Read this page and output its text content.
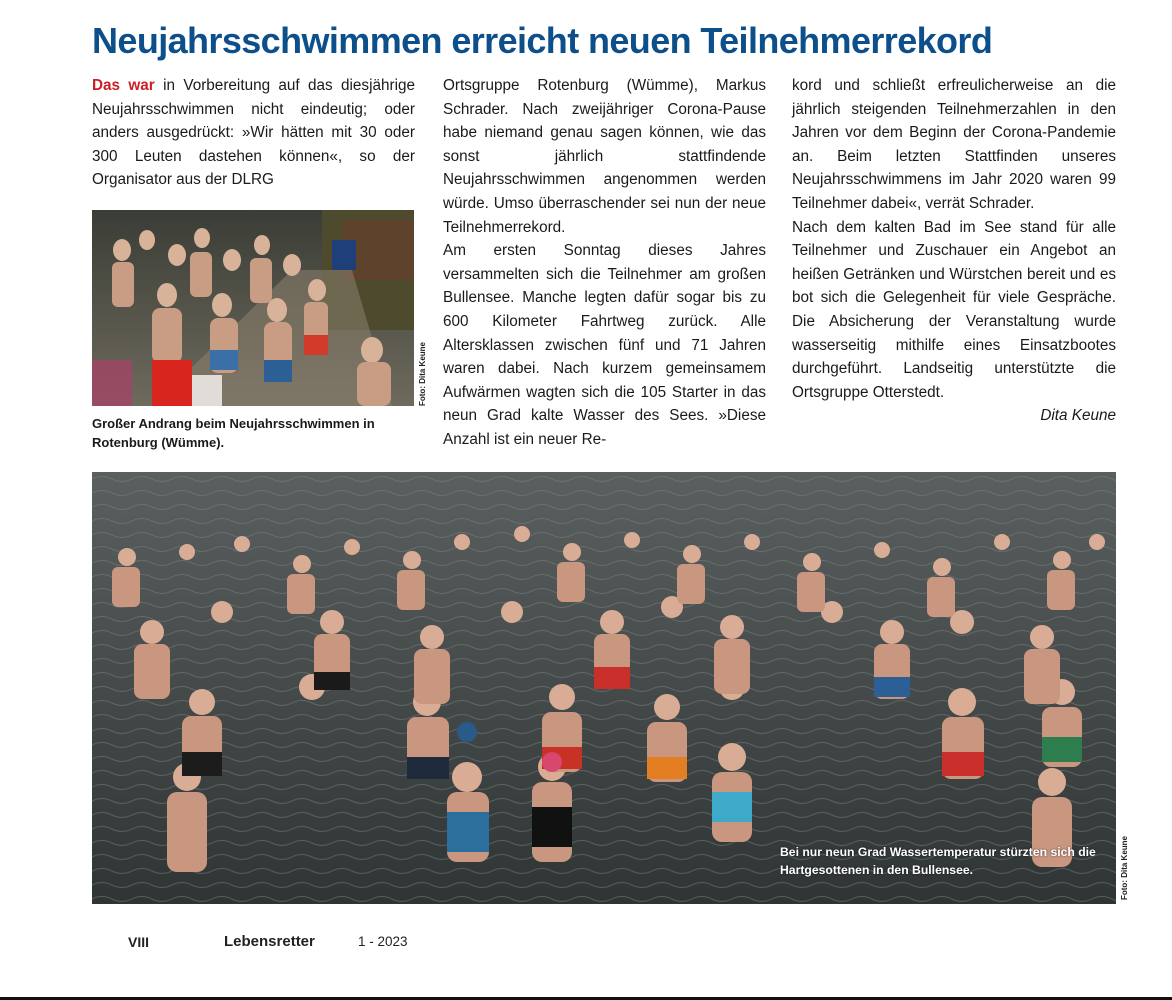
Neujahrsschwimmen erreicht neuen Teilnehmerrekord

Das war in Vorbereitung auf das diesjährige Neujahrsschwimmen nicht eindeutig; oder anders ausgedrückt: »Wir hätten mit 30 oder 300 Leuten dastehen können«, so der Organisator aus der DLRG

Foto: Dita Keune
Großer Andrang beim Neujahrsschwimmen in Rotenburg (Wümme).

Ortsgruppe Rotenburg (Wümme), Markus Schrader. Nach zweijähriger Corona-Pause habe niemand genau sagen können, wie das sonst jährlich stattfindende Neujahrsschwimmen angenommen werden würde. Umso überraschender sei nun der neue Teilnehmerrekord.

Am ersten Sonntag dieses Jahres versammelten sich die Teilnehmer am großen Bullensee. Manche legten dafür sogar bis zu 600 Kilometer Fahrtweg zurück. Alle Altersklassen zwischen fünf und 71 Jahren waren dabei. Nach kurzem gemeinsamem Aufwärmen wagten sich die 105 Starter in das neun Grad kalte Wasser des Sees. »Diese Anzahl ist ein neuer Re-

kord und schließt erfreulicherweise an die jährlich steigenden Teilnehmerzahlen in den Jahren vor dem Beginn der Corona-Pandemie an. Beim letzten Stattfinden unseres Neujahrsschwimmens im Jahr 2020 waren 99 Teilnehmer dabei«, verrät Schrader.

Nach dem kalten Bad im See stand für alle Teilnehmer und Zuschauer ein Angebot an heißen Getränken und Würstchen bereit und es bot sich die Gelegenheit für viele Gespräche. Die Absicherung der Veranstaltung wurde wasserseitig mithilfe eines Einsatzbootes durchgeführt. Landseitig unterstützte die Ortsgruppe Otterstedt.

Dita Keune

Bei nur neun Grad Wassertemperatur stürzten sich die Hartgesottenen in den Bullensee.	Foto: Dita Keune
VIII	Lebensretter	1 - 2023
